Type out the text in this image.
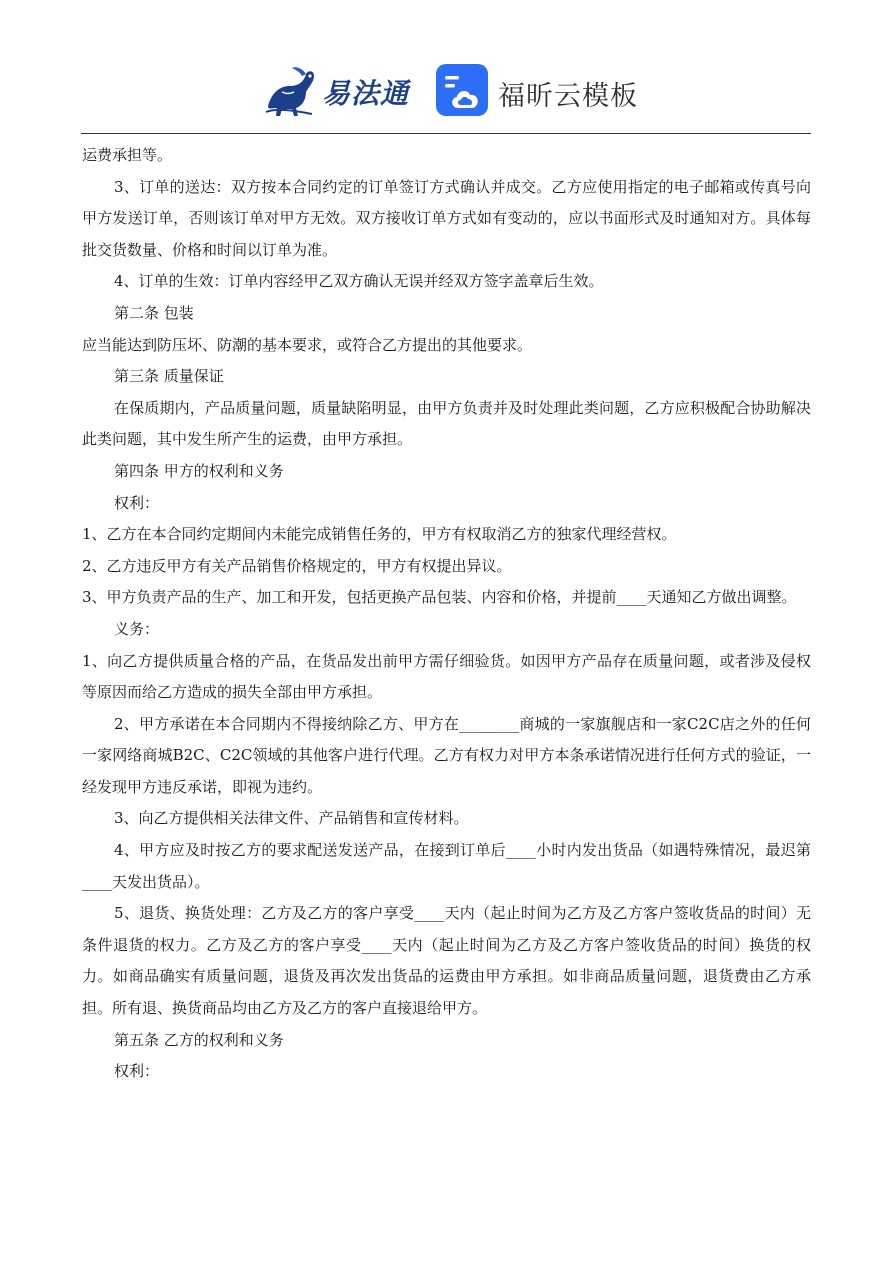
易法通	福昕云模板

运费承担等。

3、订单的送达：双方按本合同约定的订单签订方式确认并成交。乙方应使用指定的电子邮箱或传真号向甲方发送订单，否则该订单对甲方无效。双方接收订单方式如有变动的，应以书面形式及时通知对方。具体每批交货数量、价格和时间以订单为准。

4、订单的生效：订单内容经甲乙双方确认无误并经双方签字盖章后生效。

第二条 包装

应当能达到防压坏、防潮的基本要求，或符合乙方提出的其他要求。

第三条 质量保证

在保质期内，产品质量问题，质量缺陷明显，由甲方负责并及时处理此类问题，乙方应积极配合协助解决此类问题，其中发生所产生的运费，由甲方承担。

第四条 甲方的权利和义务

权利：

1、乙方在本合同约定期间内未能完成销售任务的，甲方有权取消乙方的独家代理经营权。

2、乙方违反甲方有关产品销售价格规定的，甲方有权提出异议。

3、甲方负责产品的生产、加工和开发，包括更换产品包装、内容和价格，并提前____天通知乙方做出调整。

义务：

1、向乙方提供质量合格的产品，在货品发出前甲方需仔细验货。如因甲方产品存在质量问题，或者涉及侵权等原因而给乙方造成的损失全部由甲方承担。

2、甲方承诺在本合同期内不得接纳除乙方、甲方在________商城的一家旗舰店和一家C2C店之外的任何一家网络商城B2C、C2C领域的其他客户进行代理。乙方有权力对甲方本条承诺情况进行任何方式的验证，一经发现甲方违反承诺，即视为违约。

3、向乙方提供相关法律文件、产品销售和宣传材料。

4、甲方应及时按乙方的要求配送发送产品，在接到订单后____小时内发出货品（如遇特殊情况，最迟第____天发出货品）。

5、退货、换货处理：乙方及乙方的客户享受____天内（起止时间为乙方及乙方客户签收货品的时间）无条件退货的权力。乙方及乙方的客户享受____天内（起止时间为乙方及乙方客户签收货品的时间）换货的权力。如商品确实有质量问题，退货及再次发出货品的运费由甲方承担。如非商品质量问题，退货费由乙方承担。所有退、换货商品均由乙方及乙方的客户直接退给甲方。

第五条 乙方的权利和义务

权利：
